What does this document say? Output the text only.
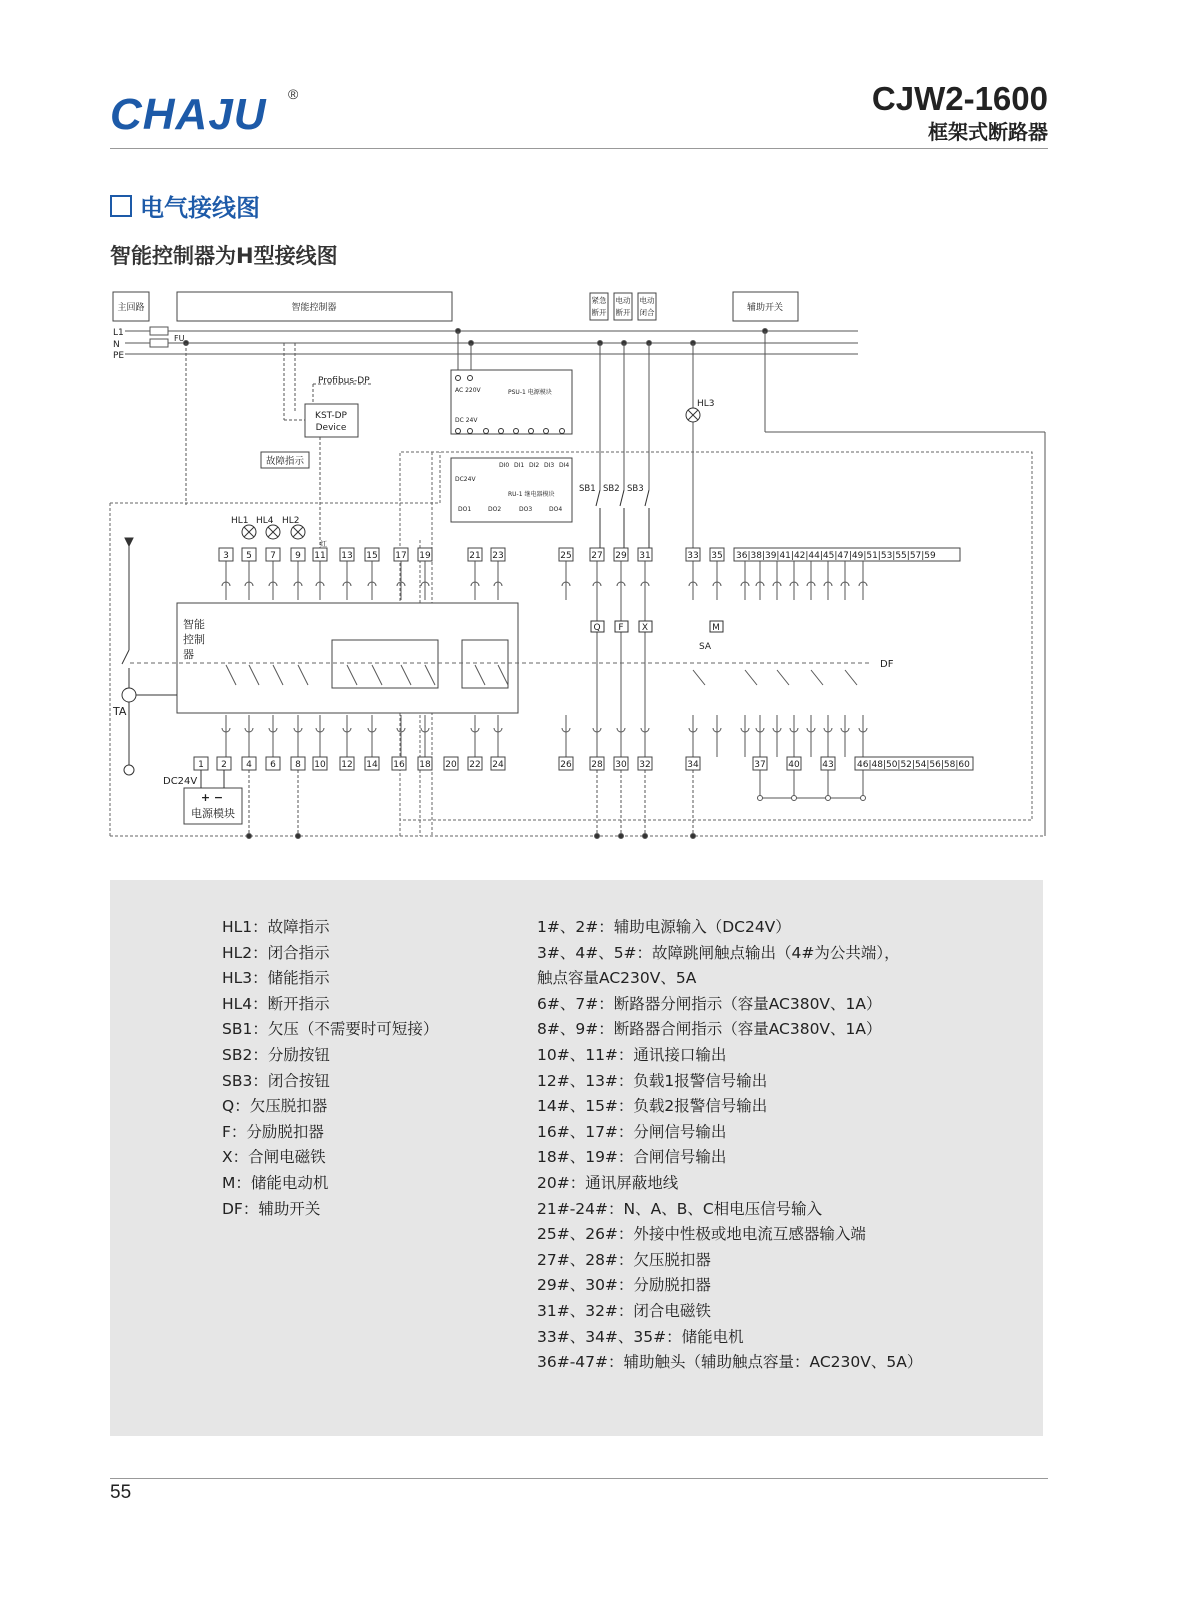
CHAJU ®	CJW2-1600
框架式断路器
电气接线图
智能控制器为H型接线图
主回路	智能控制器
紧急
断开
电动
断开
电动
闭合	辅助开关
L1
N
PE
FU
KST-DP
Device
Profibus-DP
故障指示
AC 220V	PSU-1 电源模块
DC 24V
DC24V
RU-1 继电器模块
DI0 DI1 DI2 DI3 DI4
DO1	DO2	DO3	DO4
HL3
SB1 SB2 SB3
HL1 HL4 HL2
红
3 5 7 9 11 13 15 17 19	21 23	25 27 29 31	33 35 36|38|39|41|42|44|45|47|49|51|53|55|57|59
智能
控制
器
DF
Q F X	M
SA
TA
1 2 4 6 8 10 12 14 16 18 20 22 24	26 28 30 32	34	37	40	43	46|48|50|52|54|56|58|60
DC24V
+ −
电源模块
HL1：故障指示
HL2：闭合指示
HL3：储能指示
HL4：断开指示
SB1：欠压（不需要时可短接）
SB2：分励按钮
SB3：闭合按钮
Q：欠压脱扣器
F：分励脱扣器
X：合闸电磁铁
M：储能电动机
DF：辅助开关
1#、2#：辅助电源输入（DC24V）
3#、4#、5#：故障跳闸触点输出（4#为公共端），
触点容量AC230V、5A
6#、7#：断路器分闸指示（容量AC380V、1A）
8#、9#：断路器合闸指示（容量AC380V、1A）
10#、11#：通讯接口输出
12#、13#：负载1报警信号输出
14#、15#：负载2报警信号输出
16#、17#：分闸信号输出
18#、19#：合闸信号输出
20#：通讯屏蔽地线
21#-24#：N、A、B、C相电压信号输入
25#、26#：外接中性极或地电流互感器输入端
27#、28#：欠压脱扣器
29#、30#：分励脱扣器
31#、32#：闭合电磁铁
33#、34#、35#：储能电机
36#-47#：辅助触头（辅助触点容量：AC230V、5A）
55
